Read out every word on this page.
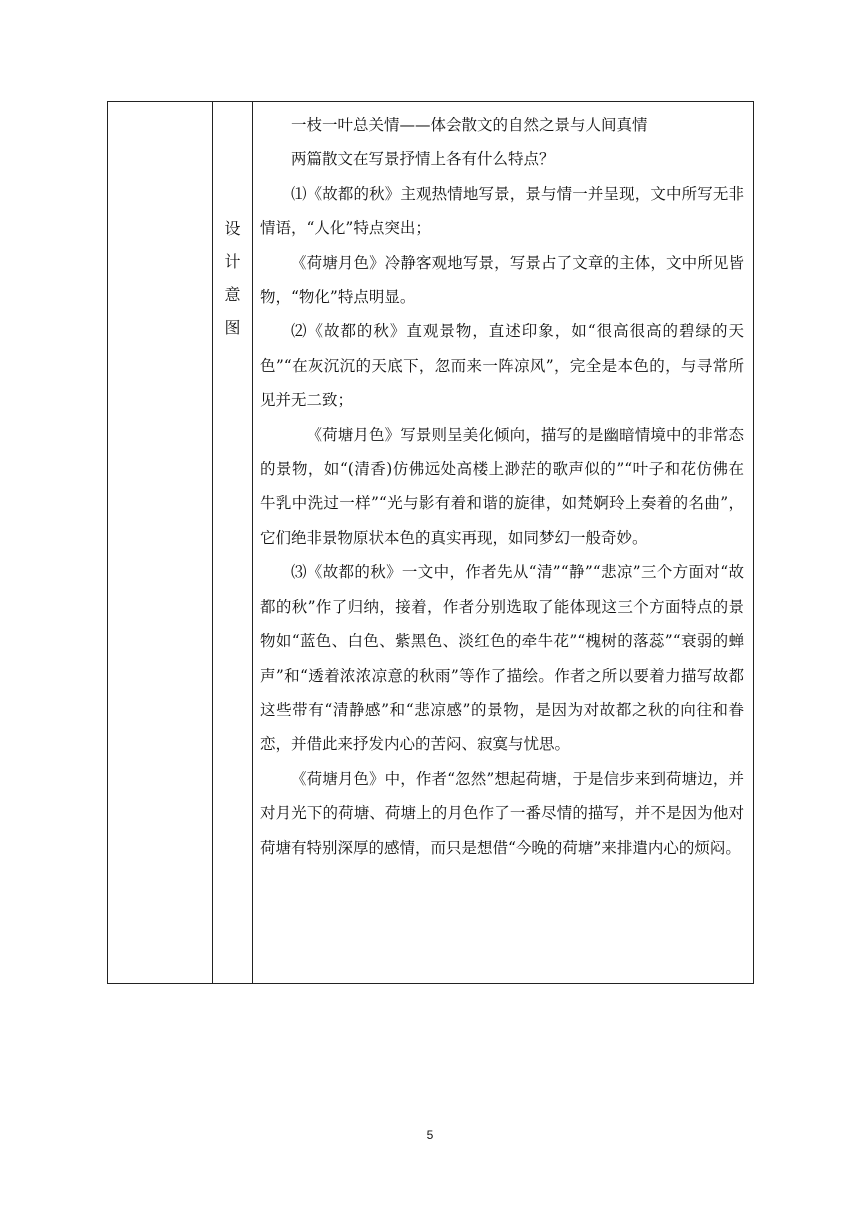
设
计
意
图

一枝一叶总关情——体会散文的自然之景与人间真情

两篇散文在写景抒情上各有什么特点？

⑴《故都的秋》主观热情地写景，景与情一并呈现，文中所写无非情语，“人化”特点突出；

《荷塘月色》冷静客观地写景，写景占了文章的主体，文中所见皆物，“物化”特点明显。

⑵《故都的秋》直观景物，直述印象，如“很高很高的碧绿的天色”“在灰沉沉的天底下，忽而来一阵凉风”，完全是本色的，与寻常所见并无二致；

《荷塘月色》写景则呈美化倾向，描写的是幽暗情境中的非常态的景物，如“(清香)仿佛远处高楼上渺茫的歌声似的”“叶子和花仿佛在牛乳中洗过一样”“光与影有着和谐的旋律，如梵婀玲上奏着的名曲”，它们绝非景物原状本色的真实再现，如同梦幻一般奇妙。

⑶《故都的秋》一文中，作者先从“清”“静”“悲凉”三个方面对“故都的秋”作了归纳，接着，作者分别选取了能体现这三个方面特点的景物如“蓝色、白色、紫黑色、淡红色的牵牛花”“槐树的落蕊”“衰弱的蝉声”和“透着浓浓凉意的秋雨”等作了描绘。作者之所以要着力描写故都这些带有“清静感”和“悲凉感”的景物，是因为对故都之秋的向往和眷恋，并借此来抒发内心的苦闷、寂寞与忧思。

《荷塘月色》中，作者“忽然”想起荷塘，于是信步来到荷塘边，并对月光下的荷塘、荷塘上的月色作了一番尽情的描写，并不是因为他对荷塘有特别深厚的感情，而只是想借“今晚的荷塘”来排遣内心的烦闷。

5
